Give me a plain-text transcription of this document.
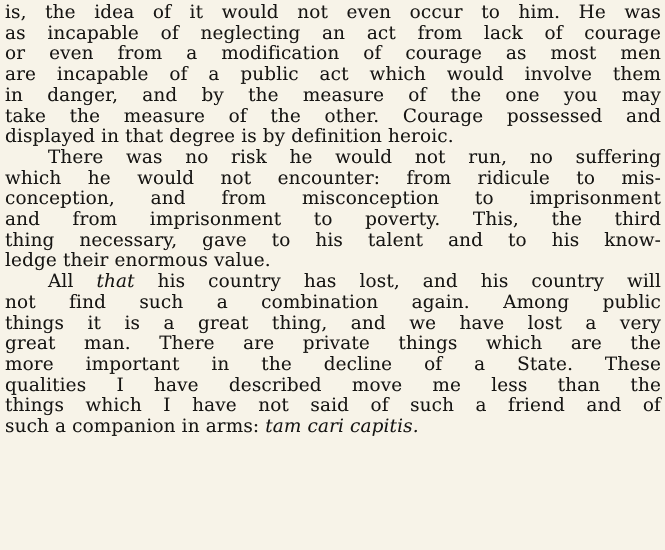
is, the idea of it would not even occur to him. He was
as incapable of neglecting an act from lack of courage
or even from a modification of courage as most men
are incapable of a public act which would involve them
in danger, and by the measure of the one you may
take the measure of the other. Courage possessed and
displayed in that degree is by definition heroic.

There was no risk he would not run, no suffering
which he would not encounter: from ridicule to mis-
conception, and from misconception to imprisonment
and from imprisonment to poverty. This, the third
thing necessary, gave to his talent and to his know-
ledge their enormous value.

All that his country has lost, and his country will
not find such a combination again. Among public
things it is a great thing, and we have lost a very
great man. There are private things which are the
more important in the decline of a State. These
qualities I have described move me less than the
things which I have not said of such a friend and of
such a companion in arms: tam cari capitis.
